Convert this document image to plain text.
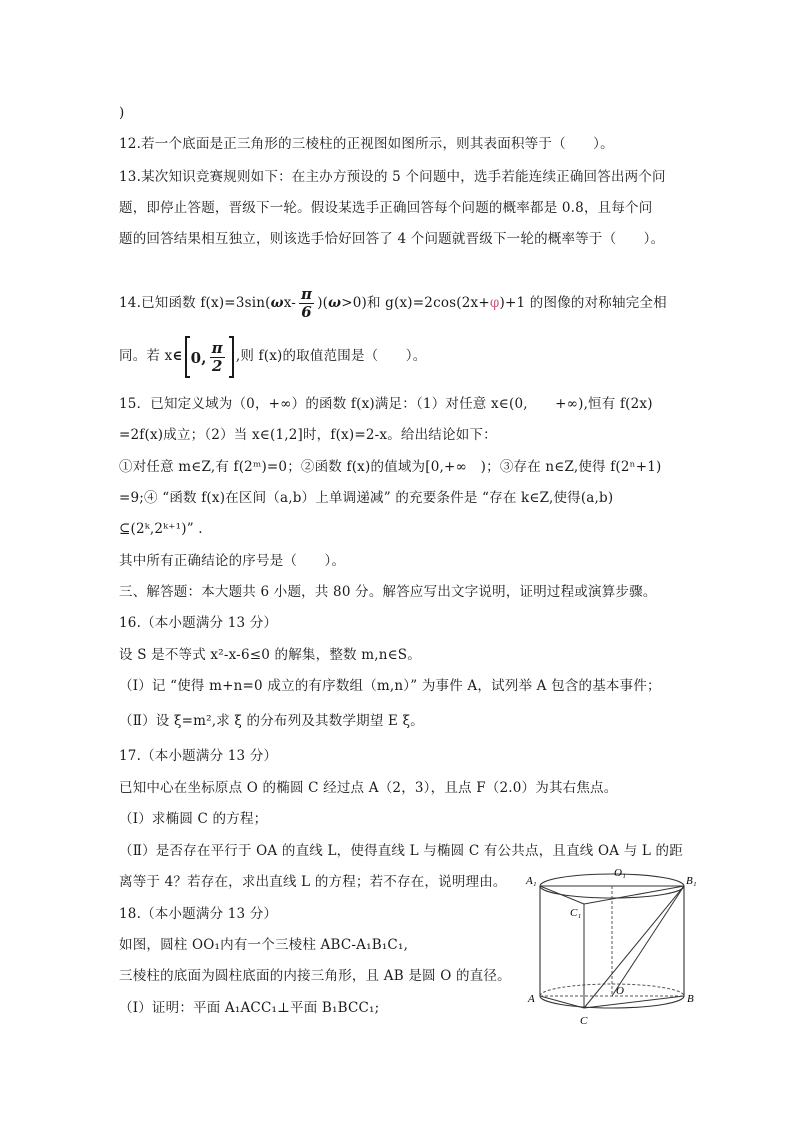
)
12.若一个底面是正三角形的三棱柱的正视图如图所示，则其表面积等于（　　）。
13.某次知识竞赛规则如下：在主办方预设的 5 个问题中，选手若能连续正确回答出两个问
题，即停止答题，晋级下一轮。假设某选手正确回答每个问题的概率都是 0.8，且每个问
题的回答结果相互独立，则该选手恰好回答了 4 个问题就晋级下一轮的概率等于（　　）。
14.已知函数 $f(x)=3\sin(\omega x- \frac{\pi}{6} )(\omega>0)$和 g(x)=2cos(2x+φ)+1 的图像的对称轴完全相
同。若 x∈ 0, $\frac{\pi}{2}$ ,则 f(x)的取值范围是（　　）。
15．已知定义域为（0，+∞）的函数 f(x)满足：（1）对任意 x∈(0,　　+∞),恒有 f(2x)
=2f(x)成立；（2）当 x∈(1,2]时，f(x)=2-x。给出结论如下：
①对任意 m∈Z,有 f(2ᵐ)=0；②函数 f(x)的值域为[0,+∞　)；③存在 n∈Z,使得 f(2ⁿ+1)
=9;④ “函数 f(x)在区间（a,b）上单调递减” 的充要条件是 “存在 k∈Z,使得(a,b)
⊆(2ᵏ,2ᵏ⁺¹)” .
其中所有正确结论的序号是（　　）。
三、解答题：本大题共 6 小题，共 80 分。解答应写出文字说明，证明过程或演算步骤。
16.（本小题满分 13 分）
设 S 是不等式 x²-x-6≤0 的解集，整数 m,n∈S。
（Ⅰ）记 “使得 m+n=0 成立的有序数组（m,n）” 为事件 A，试列举 A 包含的基本事件；
（Ⅱ）设 ξ=m²,求 ξ 的分布列及其数学期望 E ξ。
17.（本小题满分 13 分）
已知中心在坐标原点 O 的椭圆 C 经过点 A（2，3），且点 F（2.0）为其右焦点。
（Ⅰ）求椭圆 C 的方程；
（Ⅱ）是否存在平行于 OA 的直线 L，使得直线 L 与椭圆 C 有公共点，且直线 OA 与 L 的距
离等于 4？若存在，求出直线 L 的方程；若不存在，说明理由。
18.（本小题满分 13 分）
如图，圆柱 OO₁内有一个三棱柱 ABC-A₁B₁C₁,
三棱柱的底面为圆柱底面的内接三角形，且 AB 是圆 O 的直径。
（Ⅰ）证明：平面 A₁ACC₁⊥平面 B₁BCC₁;
A₁
O₁
B₁
C₁
A
O
B
C
